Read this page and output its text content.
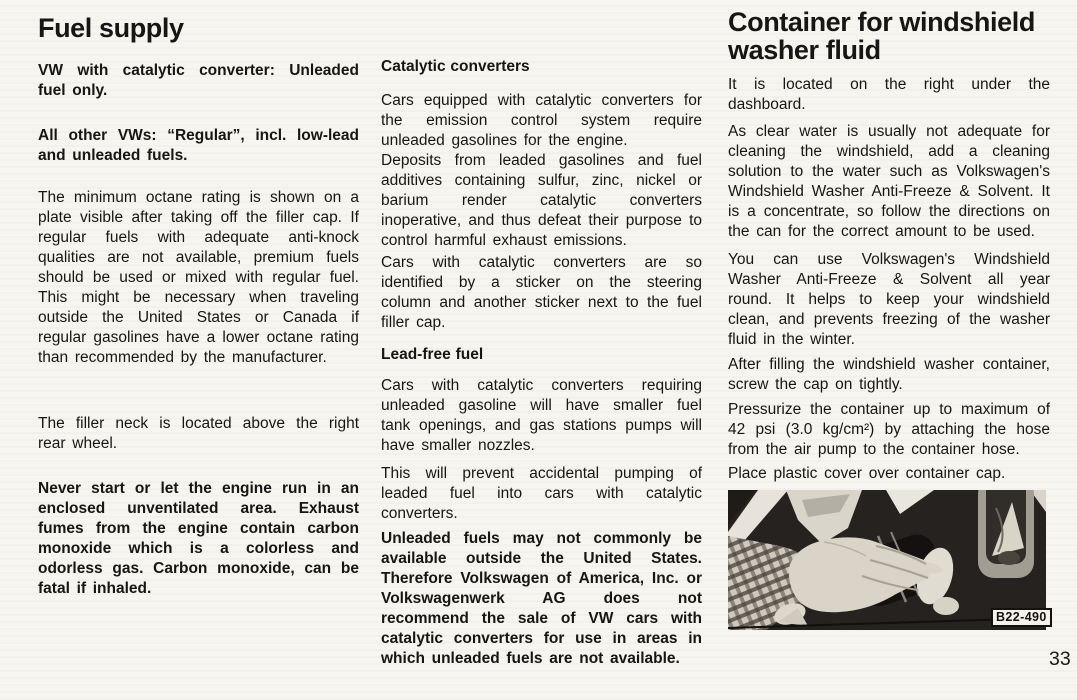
Fuel supply

VW with catalytic converter: Unleaded fuel only.

All other VWs: “Regular”, incl. low-lead and unleaded fuels.

The minimum octane rating is shown on a plate visible after taking off the filler cap. If regular fuels with adequate anti-knock qualities are not available, premium fuels should be used or mixed with regular fuel. This might be necessary when traveling outside the United States or Canada if regular gasolines have a lower octane rating than recommended by the manufacturer.

The filler neck is located above the right rear wheel.

Never start or let the engine run in an enclosed unventilated area. Exhaust fumes from the engine contain carbon monoxide which is a colorless and odorless gas. Carbon monoxide, can be fatal if inhaled.

Catalytic converters

Cars equipped with catalytic converters for the emission control system require unleaded gasolines for the engine.

Deposits from leaded gasolines and fuel additives containing sulfur, zinc, nickel or barium render catalytic converters inoperative, and thus defeat their purpose to control harmful exhaust emissions.

Cars with catalytic converters are so identified by a sticker on the steering column and another sticker next to the fuel filler cap.

Lead-free fuel

Cars with catalytic converters requiring unleaded gasoline will have smaller fuel tank openings, and gas stations pumps will have smaller nozzles.

This will prevent accidental pumping of leaded fuel into cars with catalytic converters.

Unleaded fuels may not commonly be available outside the United States. Therefore Volkswagen of America, Inc. or Volkswagenwerk AG does not recommend the sale of VW cars with catalytic converters for use in areas in which unleaded fuels are not available.

Container for windshield
washer fluid

It is located on the right under the dashboard.

As clear water is usually not adequate for cleaning the windshield, add a cleaning solution to the water such as Volkswagen's Windshield Washer Anti-Freeze & Solvent. It is a concentrate, so follow the directions on the can for the correct amount to be used.

You can use Volkswagen's Windshield Washer Anti-Freeze & Solvent all year round. It helps to keep your windshield clean, and prevents freezing of the washer fluid in the winter.

After filling the windshield washer container, screw the cap on tightly.

Pressurize the container up to maximum of 42 psi (3.0 kg/cm²) by attaching the hose from the air pump to the container hose.

Place plastic cover over container cap.

B22-490
33
